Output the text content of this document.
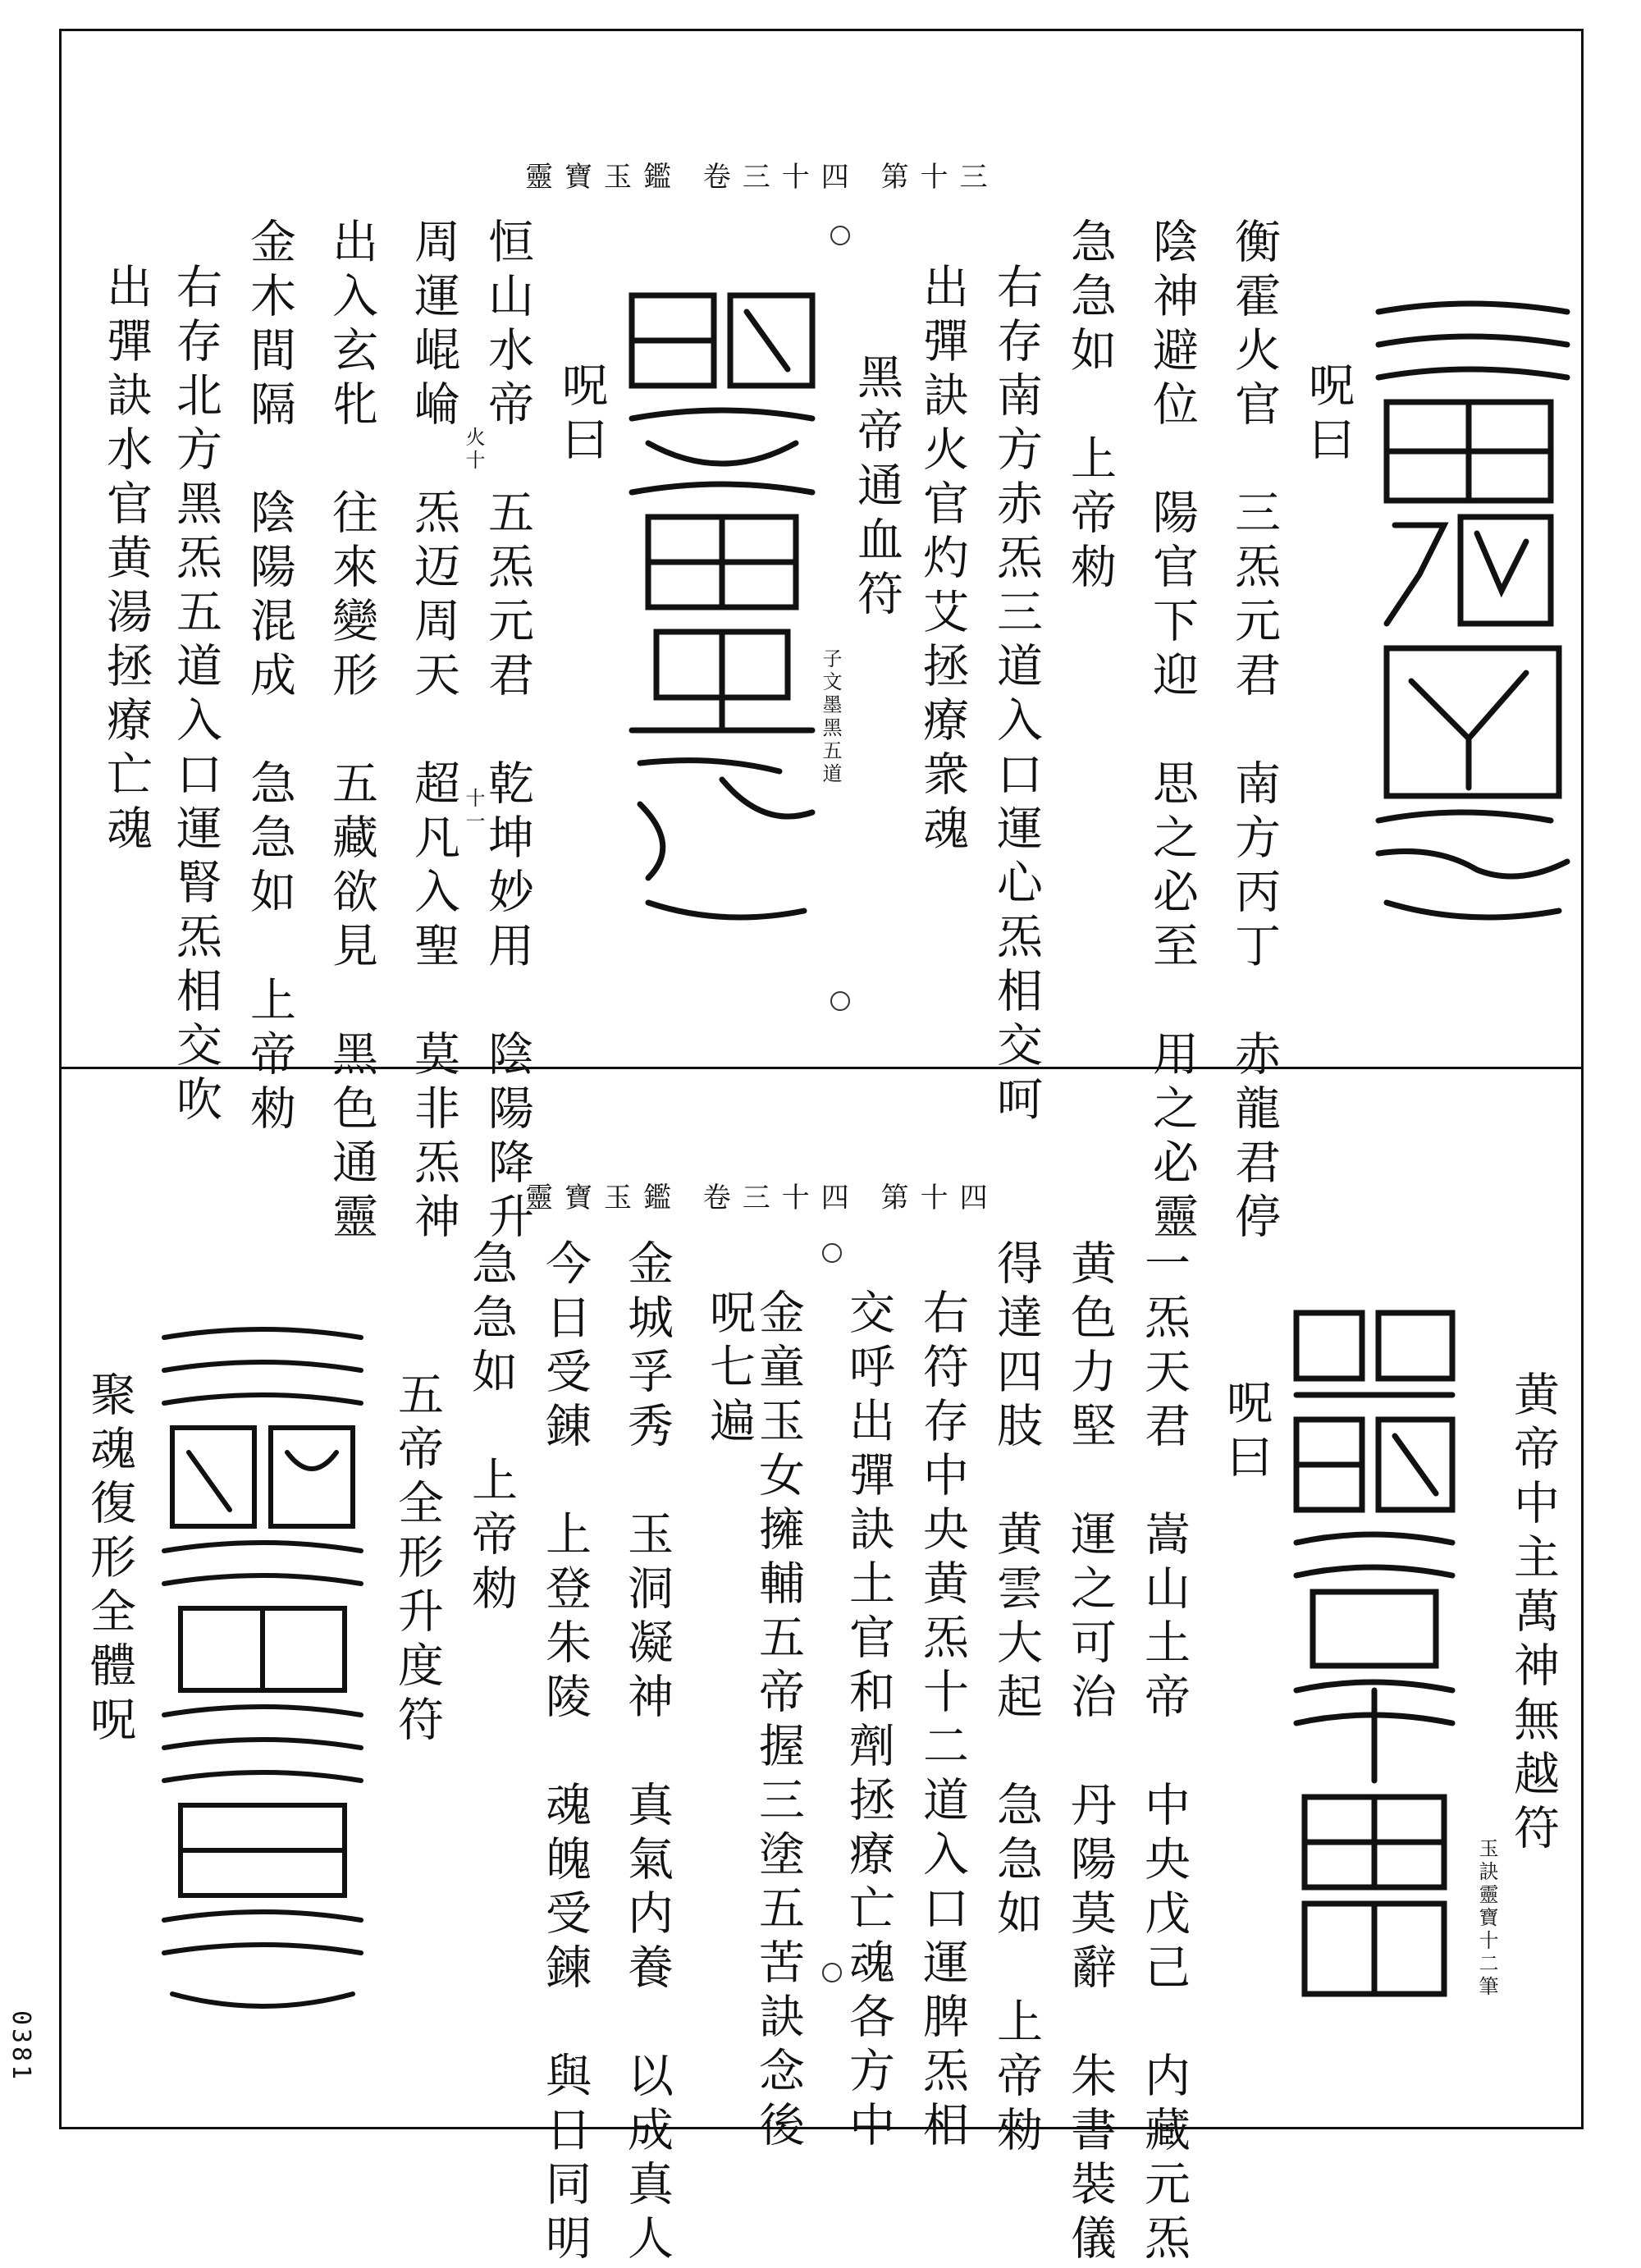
靈寶玉鑑 卷三十四 第十三
呪曰
衡霍火官　三炁元君　南方丙丁　赤龍君停
陰神避位　陽官下迎　思之必至　用之必靈
急急如　上帝勑
右存南方赤炁三道入口運心炁相交呵
出彈訣火官灼艾拯療衆魂
黑帝通血符
子文墨黑五道
呪曰
恒山水帝　五炁元君　乾坤妙用　陰陽降升
周運崐崘　炁迈周天　超凡入聖　莫非炁神
出入玄牝　往來變形　五藏欲見　黑色通靈
金木間隔　陰陽混成　急急如　上帝勑
右存北方黑炁五道入口運腎炁相交吹
出彈訣水官黄湯拯療亡魂	火十
十一
靈寶玉鑑 卷三十四 第十四
黄帝中主萬神無越符
玉訣靈寶十二筆
呪曰
一炁天君　嵩山土帝　中央戊己　内藏元炁
黄色力堅　運之可治　丹陽莫辭　朱書裝儀
得達四肢　黄雲大起　急急如　上帝勑
右符存中央黄炁十二道入口運脾炁相
交呼出彈訣土官和劑拯療亡魂各方中
呪七遍
金童玉女擁輔五帝握三塗五苦訣念後
金城孚秀　玉洞凝神　真氣内養　以成真人
今日受錬　上登朱陵　魂魄受鍊　與日同明
急急如　上帝勑
五帝全形升度符
聚魂復形全體呪
0381
